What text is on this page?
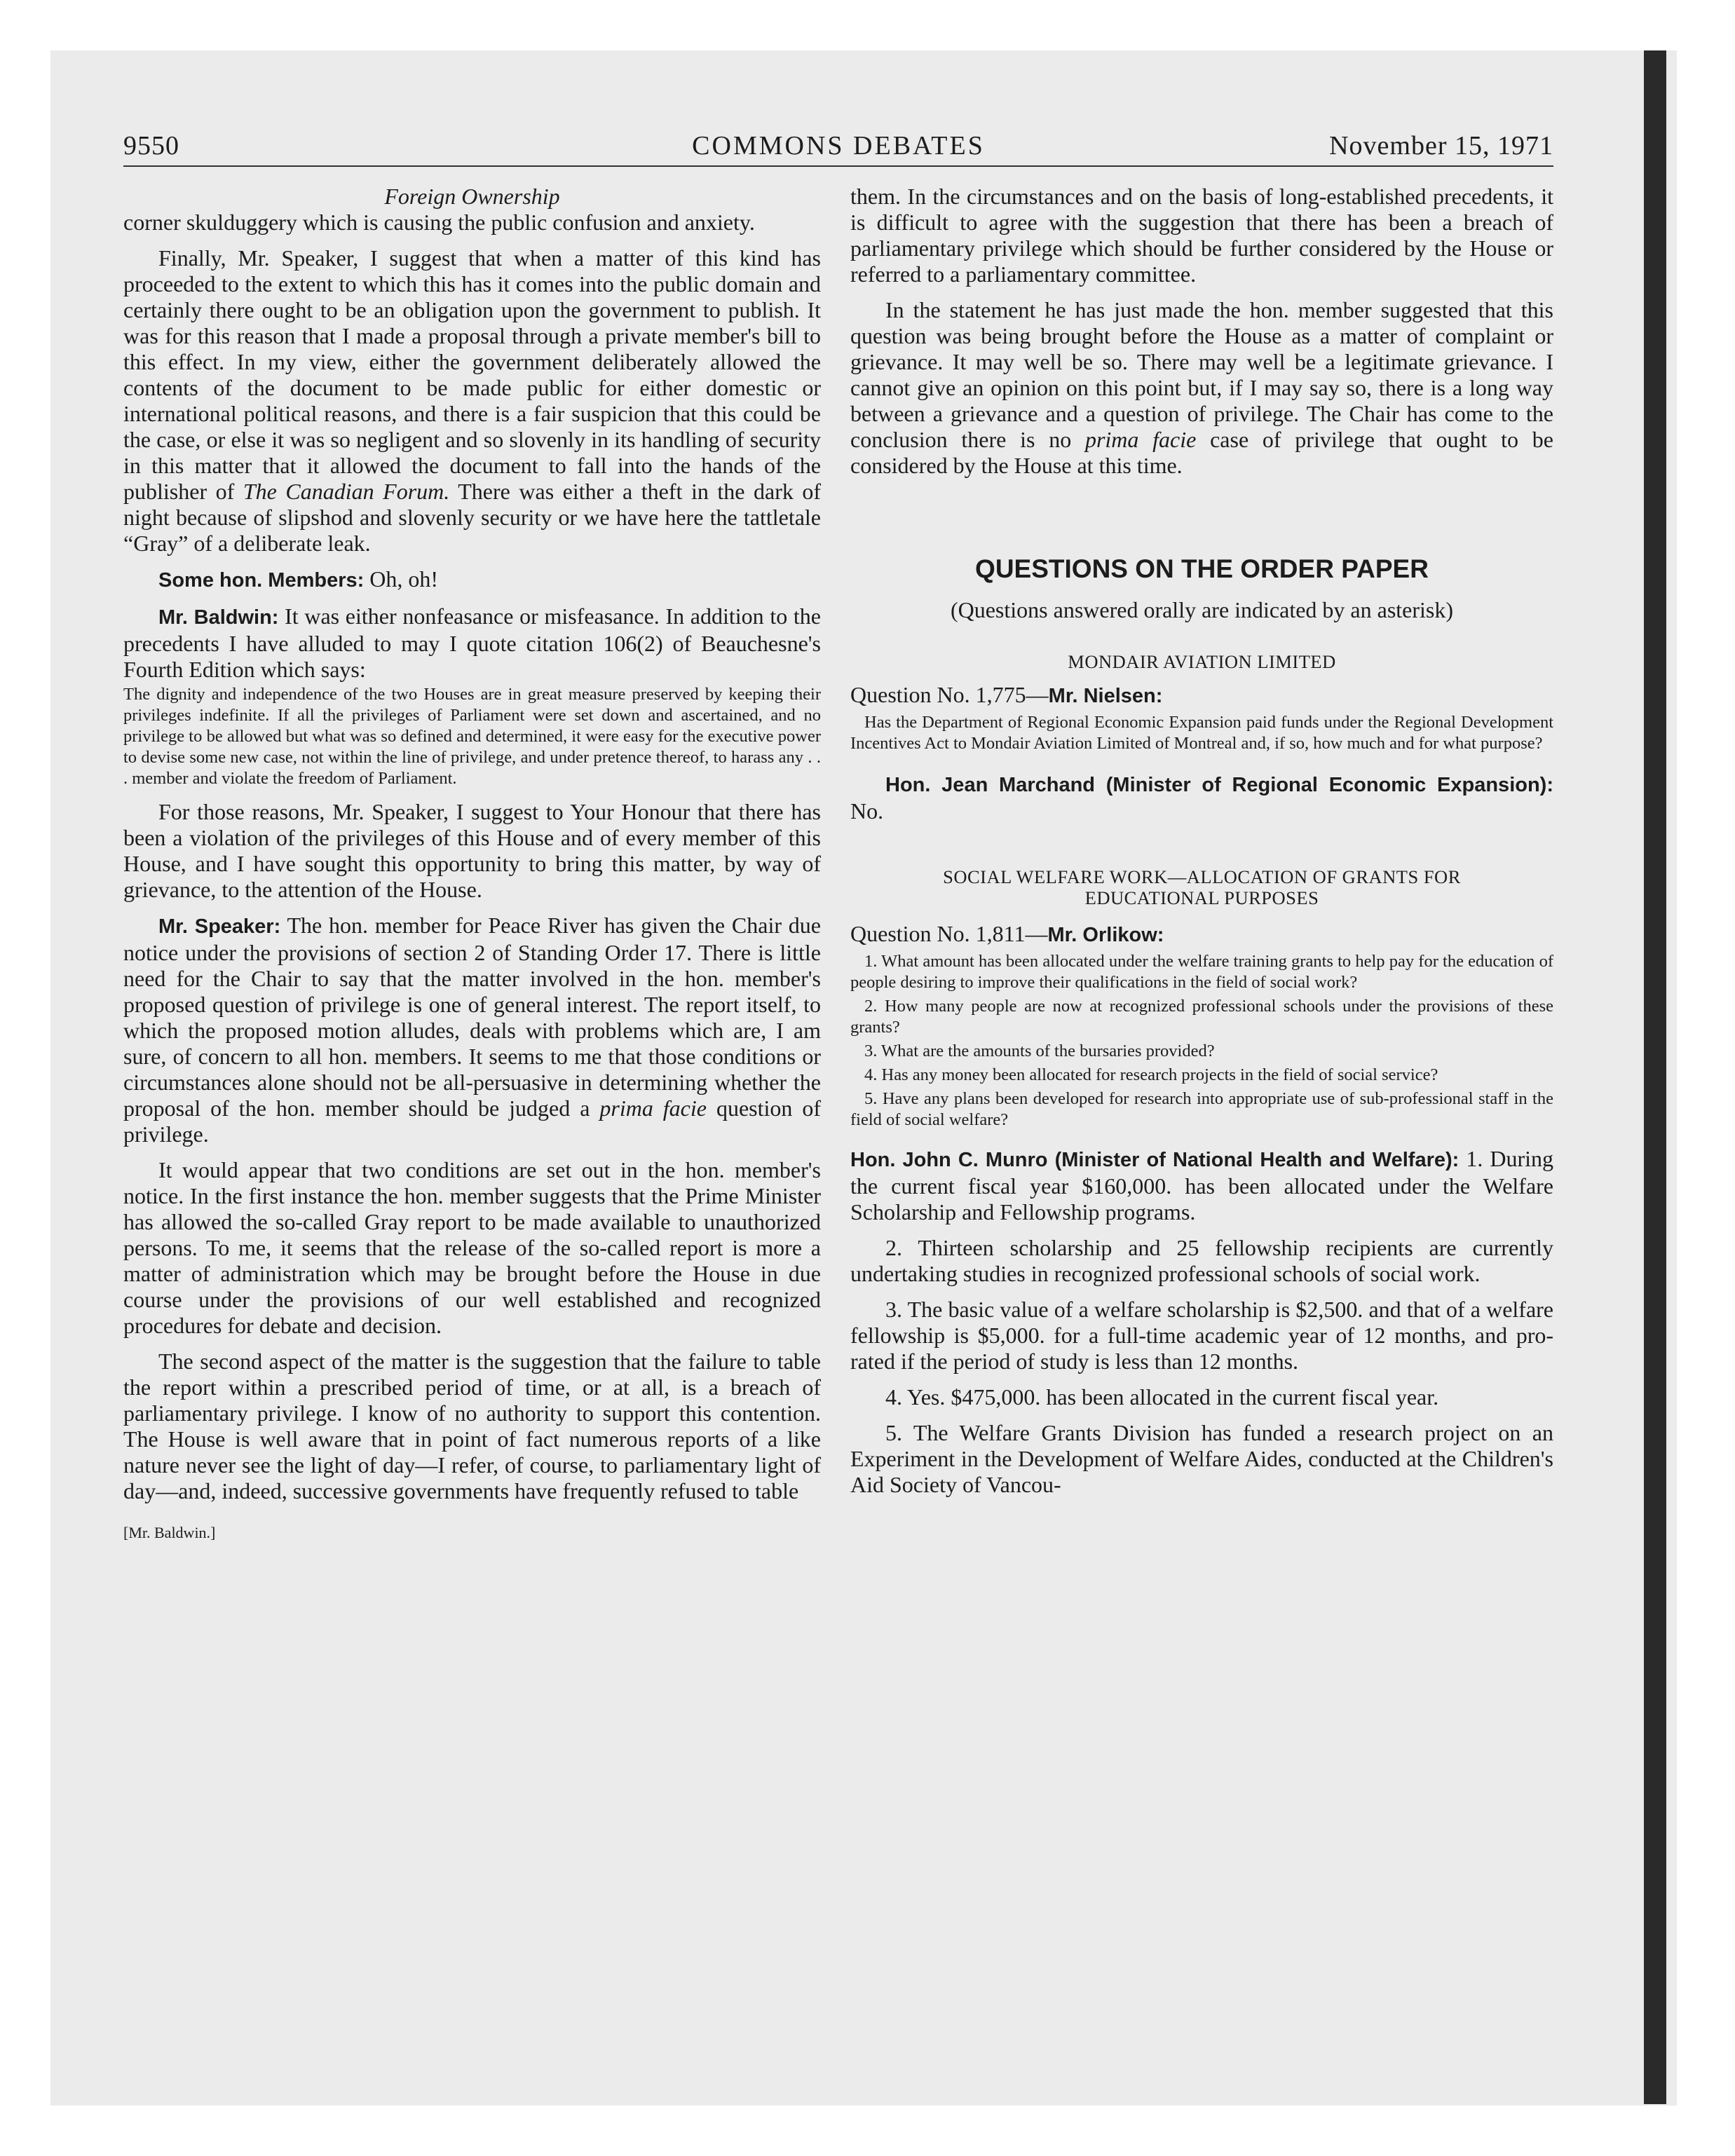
9550	COMMONS DEBATES	November 15, 1971

Foreign Ownership

corner skulduggery which is causing the public confusion and anxiety.

Finally, Mr. Speaker, I suggest that when a matter of this kind has proceeded to the extent to which this has it comes into the public domain and certainly there ought to be an obligation upon the government to publish. It was for this reason that I made a proposal through a private member's bill to this effect. In my view, either the government deliberately allowed the contents of the document to be made public for either domestic or international political reasons, and there is a fair suspicion that this could be the case, or else it was so negligent and so slovenly in its handling of security in this matter that it allowed the document to fall into the hands of the publisher of The Canadian Forum. There was either a theft in the dark of night because of slipshod and slovenly security or we have here the tattletale “Gray” of a deliberate leak.

Some hon. Members: Oh, oh!

Mr. Baldwin: It was either nonfeasance or misfeasance. In addition to the precedents I have alluded to may I quote citation 106(2) of Beauchesne's Fourth Edition which says:

The dignity and independence of the two Houses are in great measure preserved by keeping their privileges indefinite. If all the privileges of Parliament were set down and ascertained, and no privilege to be allowed but what was so defined and determined, it were easy for the executive power to devise some new case, not within the line of privilege, and under pretence thereof, to harass any . . . member and violate the freedom of Parliament.

For those reasons, Mr. Speaker, I suggest to Your Honour that there has been a violation of the privileges of this House and of every member of this House, and I have sought this opportunity to bring this matter, by way of grievance, to the attention of the House.

Mr. Speaker: The hon. member for Peace River has given the Chair due notice under the provisions of section 2 of Standing Order 17. There is little need for the Chair to say that the matter involved in the hon. member's proposed question of privilege is one of general interest. The report itself, to which the proposed motion alludes, deals with problems which are, I am sure, of concern to all hon. members. It seems to me that those conditions or circumstances alone should not be all-persuasive in determining whether the proposal of the hon. member should be judged a prima facie question of privilege.

It would appear that two conditions are set out in the hon. member's notice. In the first instance the hon. member suggests that the Prime Minister has allowed the so-called Gray report to be made available to unauthorized persons. To me, it seems that the release of the so-called report is more a matter of administration which may be brought before the House in due course under the provisions of our well established and recognized procedures for debate and decision.

The second aspect of the matter is the suggestion that the failure to table the report within a prescribed period of time, or at all, is a breach of parliamentary privilege. I know of no authority to support this contention. The House is well aware that in point of fact numerous reports of a like nature never see the light of day—I refer, of course, to parliamentary light of day—and, indeed, successive governments have frequently refused to table

[Mr. Baldwin.]

them. In the circumstances and on the basis of long-established precedents, it is difficult to agree with the suggestion that there has been a breach of parliamentary privilege which should be further considered by the House or referred to a parliamentary committee.

In the statement he has just made the hon. member suggested that this question was being brought before the House as a matter of complaint or grievance. It may well be so. There may well be a legitimate grievance. I cannot give an opinion on this point but, if I may say so, there is a long way between a grievance and a question of privilege. The Chair has come to the conclusion there is no prima facie case of privilege that ought to be considered by the House at this time.

QUESTIONS ON THE ORDER PAPER

(Questions answered orally are indicated by an asterisk)

MONDAIR AVIATION LIMITED

Question No. 1,775—Mr. Nielsen:

Has the Department of Regional Economic Expansion paid funds under the Regional Development Incentives Act to Mondair Aviation Limited of Montreal and, if so, how much and for what purpose?

Hon. Jean Marchand (Minister of Regional Economic Expansion): No.

SOCIAL WELFARE WORK—ALLOCATION OF GRANTS FOR
EDUCATIONAL PURPOSES

Question No. 1,811—Mr. Orlikow:

1. What amount has been allocated under the welfare training grants to help pay for the education of people desiring to improve their qualifications in the field of social work?

2. How many people are now at recognized professional schools under the provisions of these grants?

3. What are the amounts of the bursaries provided?

4. Has any money been allocated for research projects in the field of social service?

5. Have any plans been developed for research into appropriate use of sub-professional staff in the field of social welfare?

Hon. John C. Munro (Minister of National Health and Welfare): 1. During the current fiscal year $160,000. has been allocated under the Welfare Scholarship and Fellowship programs.

2. Thirteen scholarship and 25 fellowship recipients are currently undertaking studies in recognized professional schools of social work.

3. The basic value of a welfare scholarship is $2,500. and that of a welfare fellowship is $5,000. for a full-time academic year of 12 months, and pro-rated if the period of study is less than 12 months.

4. Yes. $475,000. has been allocated in the current fiscal year.

5. The Welfare Grants Division has funded a research project on an Experiment in the Development of Welfare Aides, conducted at the Children's Aid Society of Vancou-
